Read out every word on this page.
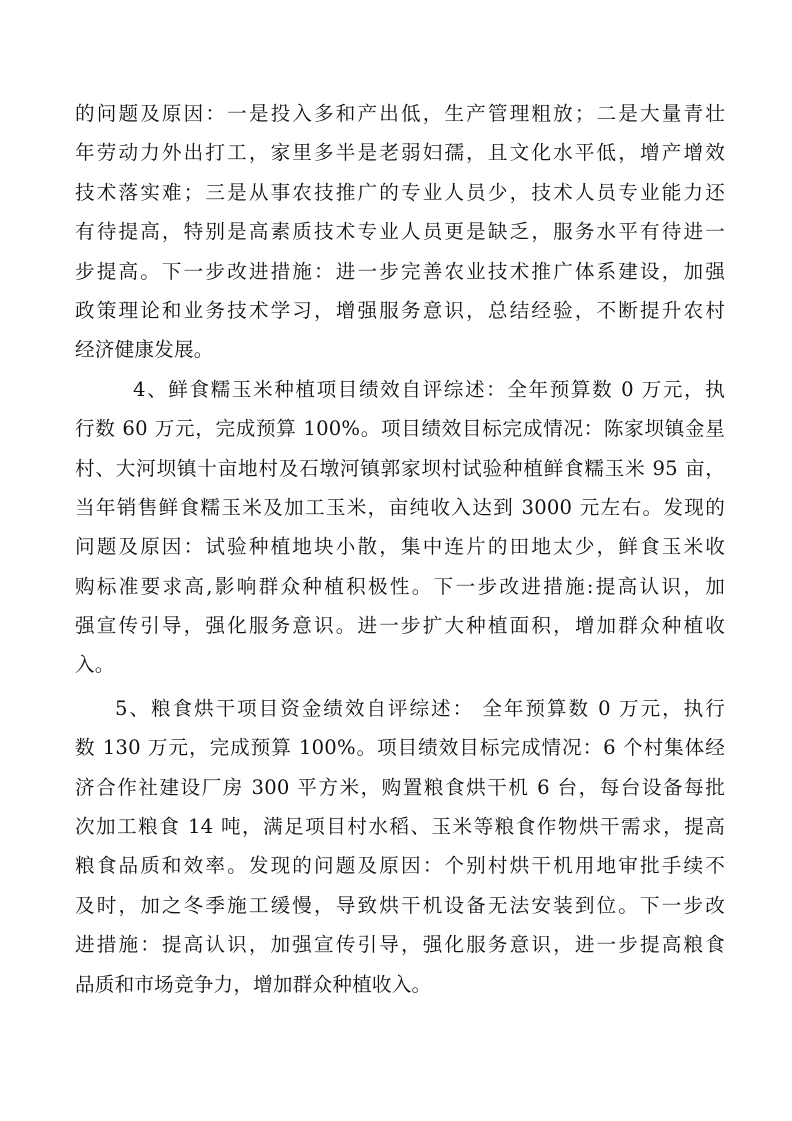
的问题及原因：一是投入多和产出低，生产管理粗放；二是大量青壮
年劳动力外出打工，家里多半是老弱妇孺，且文化水平低，增产增效
技术落实难；三是从事农技推广的专业人员少，技术人员专业能力还
有待提高，特别是高素质技术专业人员更是缺乏，服务水平有待进一
步提高。下一步改进措施：进一步完善农业技术推广体系建设，加强
政策理论和业务技术学习，增强服务意识，总结经验，不断提升农村
经济健康发展。
4、鲜食糯玉米种植项目绩效自评综述：全年预算数 0 万元，执
行数 60 万元，完成预算 100%。项目绩效目标完成情况：陈家坝镇金星
村、大河坝镇十亩地村及石墩河镇郭家坝村试验种植鲜食糯玉米 95 亩，
当年销售鲜食糯玉米及加工玉米，亩纯收入达到 3000 元左右。发现的
问题及原因：试验种植地块小散，集中连片的田地太少，鲜食玉米收
购标准要求高,影响群众种植积极性。下一步改进措施:提高认识，加
强宣传引导，强化服务意识。进一步扩大种植面积，增加群众种植收
入。
5、粮食烘干项目资金绩效自评综述： 全年预算数 0 万元，执行
数 130 万元，完成预算 100%。项目绩效目标完成情况：6 个村集体经
济合作社建设厂房 300 平方米，购置粮食烘干机 6 台，每台设备每批
次加工粮食 14 吨，满足项目村水稻、玉米等粮食作物烘干需求，提高
粮食品质和效率。发现的问题及原因：个别村烘干机用地审批手续不
及时，加之冬季施工缓慢，导致烘干机设备无法安装到位。下一步改
进措施：提高认识，加强宣传引导，强化服务意识，进一步提高粮食
品质和市场竞争力，增加群众种植收入。
